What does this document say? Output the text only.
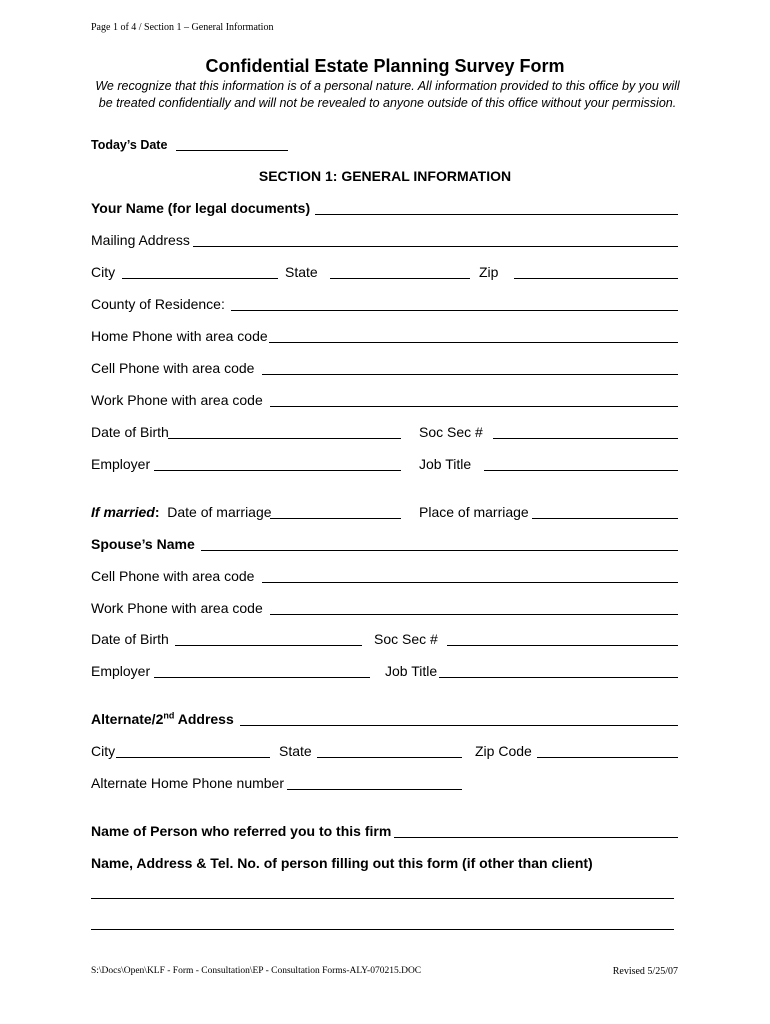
Page 1 of 4 / Section 1 – General Information
Confidential Estate Planning Survey Form
We recognize that this information is of a personal nature. All information provided to this office by you will be treated confidentially and will not be revealed to anyone outside of this office without your permission.
Today’s Date
SECTION 1: GENERAL INFORMATION
Your Name (for legal documents)
Mailing Address
City	State	Zip
County of Residence:
Home Phone with area code
Cell Phone with area code
Work Phone with area code
Date of Birth	Soc Sec #
Employer	Job Title
If married: Date of marriage	Place of marriage
Spouse’s Name
Cell Phone with area code
Work Phone with area code
Date of Birth	Soc Sec #
Employer	Job Title
Alternate/2nd Address
City	State	Zip Code
Alternate Home Phone number
Name of Person who referred you to this firm
Name, Address & Tel. No. of person filling out this form (if other than client)
S:\Docs\Open\KLF - Form - Consultation\EP - Consultation Forms-ALY-070215.DOC	Revised 5/25/07
